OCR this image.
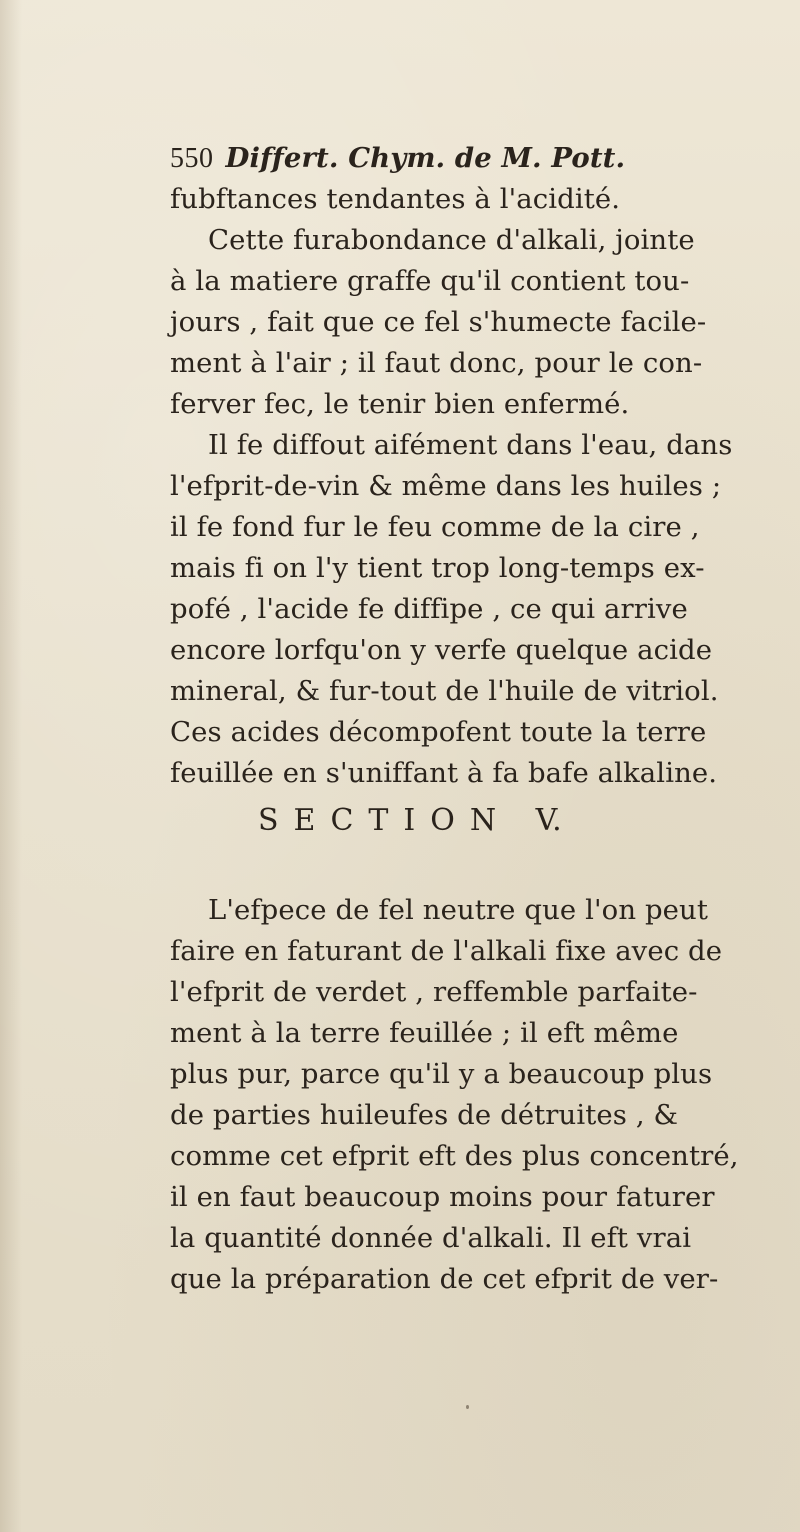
550 Differt. Chym. de M. Pott.
fubftances tendantes à l'acidité.
Cette furabondance d'alkali, jointe
à la matiere graffe qu'il contient tou-
jours , fait que ce fel s'humecte facile-
ment à l'air ; il faut donc, pour le con-
ferver fec, le tenir bien enfermé.
Il fe diffout aifément dans l'eau, dans
l'efprit-de-vin & même dans les huiles ;
il fe fond fur le feu comme de la cire ,
mais fi on l'y tient trop long-temps ex-
pofé , l'acide fe diffipe , ce qui arrive
encore lorfqu'on y verfe quelque acide
mineral, & fur-tout de l'huile de vitriol.
Ces acides décompofent toute la terre
feuillée en s'uniffant à fa bafe alkaline.
SECTION V.
L'efpece de fel neutre que l'on peut
faire en faturant de l'alkali fixe avec de
l'efprit de verdet , reffemble parfaite-
ment à la terre feuillée ; il eft même
plus pur, parce qu'il y a beaucoup plus
de parties huileufes de détruites , &
comme cet efprit eft des plus concentré,
il en faut beaucoup moins pour faturer
la quantité donnée d'alkali. Il eft vrai
que la préparation de cet efprit de ver-
